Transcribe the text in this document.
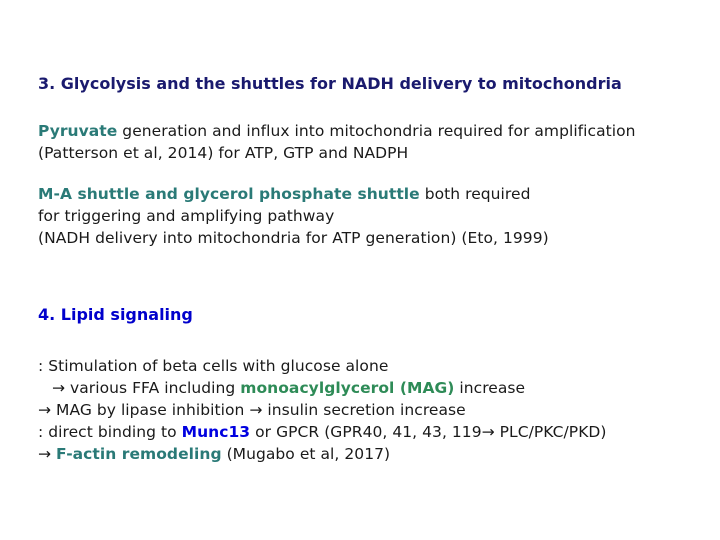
3. Glycolysis and the shuttles for NADH delivery to mitochondria
Pyruvate generation and influx into mitochondria required for amplification
(Patterson et al, 2014) for ATP, GTP and NADPH
M-A shuttle and glycerol phosphate shuttle both required
for triggering and amplifying pathway
(NADH delivery into mitochondria for ATP generation) (Eto, 1999)
4. Lipid signaling
: Stimulation of beta cells with glucose alone
→ various FFA including monoacylglycerol (MAG) increase
→ MAG by lipase inhibition → insulin secretion increase
: direct binding to Munc13 or GPCR (GPR40, 41, 43, 119→ PLC/PKC/PKD)
→ F-actin remodeling (Mugabo et al, 2017)
